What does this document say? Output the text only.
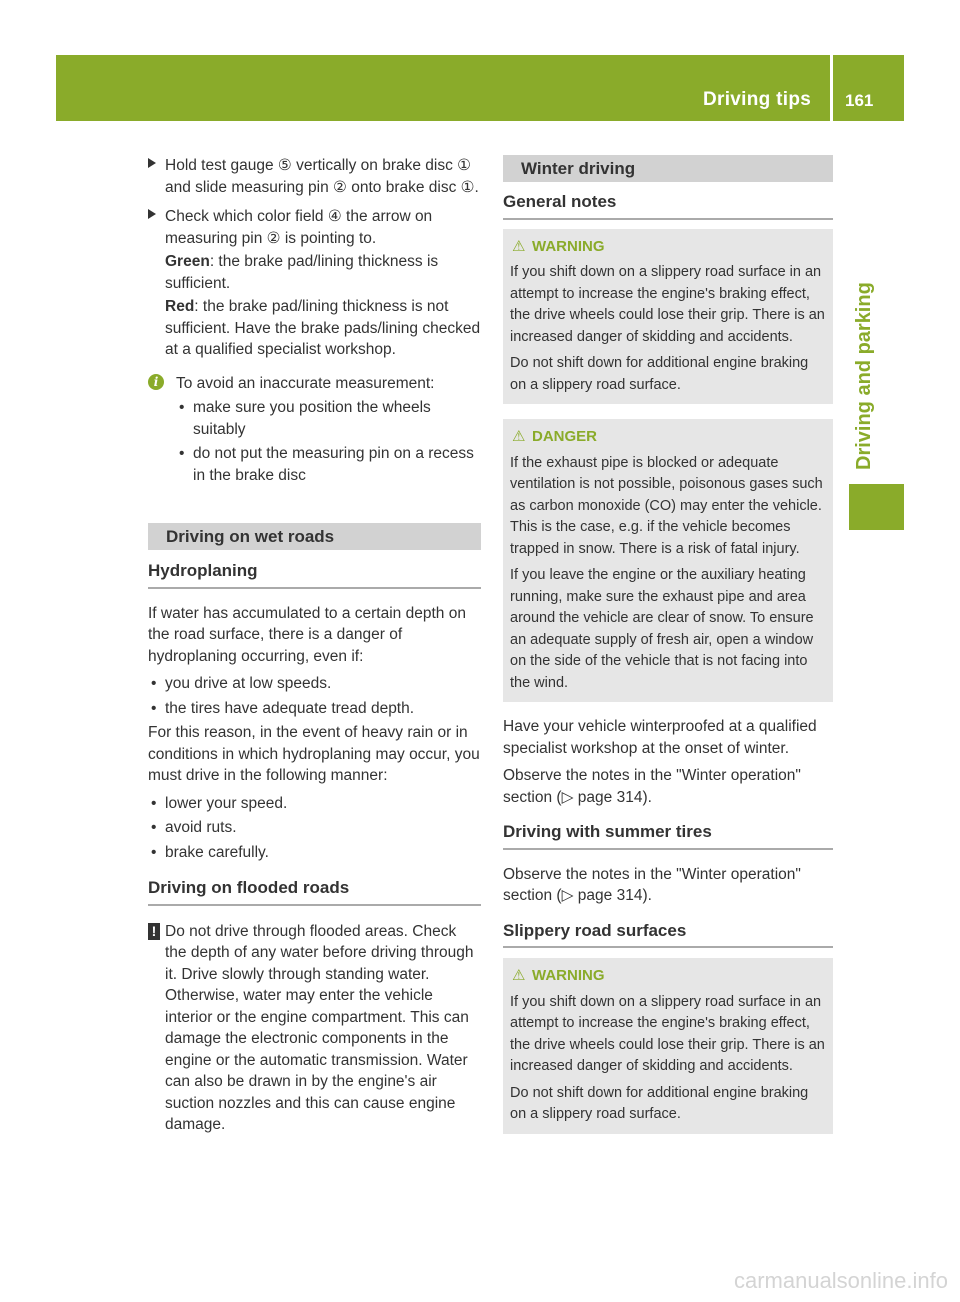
Driving tips 161
Driving and parking

Hold test gauge ⑤ vertically on brake disc ① and slide measuring pin ② onto brake disc ①.

Check which color field ④ the arrow on measuring pin ② is pointing to.

Green: the brake pad/lining thickness is sufficient.

Red: the brake pad/lining thickness is not sufficient. Have the brake pads/lining checked at a qualified specialist workshop.

i	To avoid an inaccurate measurement:

• make sure you position the wheels suitably

• do not put the measuring pin on a recess in the brake disc

Driving on wet roads
Hydroplaning

If water has accumulated to a certain depth on the road surface, there is a danger of hydroplaning occurring, even if:

• you drive at low speeds.

• the tires have adequate tread depth.

For this reason, in the event of heavy rain or in conditions in which hydroplaning may occur, you must drive in the following manner:

• lower your speed.

• avoid ruts.

• brake carefully.

Driving on flooded roads

! Do not drive through flooded areas. Check the depth of any water before driving through it. Drive slowly through standing water. Otherwise, water may enter the vehicle interior or the engine compartment. This can damage the electronic components in the engine or the automatic transmission. Water can also be drawn in by the engine's air suction nozzles and this can cause engine damage.

Winter driving
General notes

⚠ WARNING

If you shift down on a slippery road surface in an attempt to increase the engine's braking effect, the drive wheels could lose their grip. There is an increased danger of skidding and accidents.

Do not shift down for additional engine braking on a slippery road surface.

⚠ DANGER

If the exhaust pipe is blocked or adequate ventilation is not possible, poisonous gases such as carbon monoxide (CO) may enter the vehicle. This is the case, e.g. if the vehicle becomes trapped in snow. There is a risk of fatal injury.

If you leave the engine or the auxiliary heating running, make sure the exhaust pipe and area around the vehicle are clear of snow. To ensure an adequate supply of fresh air, open a window on the side of the vehicle that is not facing into the wind.

Have your vehicle winterproofed at a qualified specialist workshop at the onset of winter.

Observe the notes in the "Winter operation" section (▷ page 314).

Driving with summer tires

Observe the notes in the "Winter operation" section (▷ page 314).

Slippery road surfaces

⚠ WARNING

If you shift down on a slippery road surface in an attempt to increase the engine's braking effect, the drive wheels could lose their grip. There is an increased danger of skidding and accidents.

Do not shift down for additional engine braking on a slippery road surface.

carmanualsonline.info
